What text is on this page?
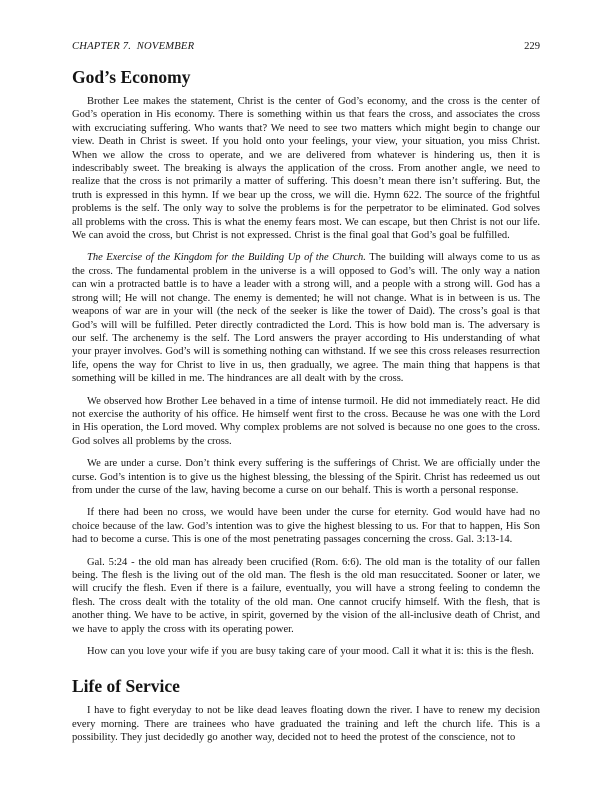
CHAPTER 7.  NOVEMBER	229
God’s Economy

Brother Lee makes the statement, Christ is the center of God’s economy, and the cross is the center of God’s operation in His economy. There is something within us that fears the cross, and associates the cross with excruciating suffering. Who wants that? We need to see two matters which might begin to change our view. Death in Christ is sweet. If you hold onto your feelings, your view, your situation, you miss Christ. When we allow the cross to operate, and we are delivered from whatever is hindering us, then it is indescribably sweet. The breaking is always the application of the cross. From another angle, we need to realize that the cross is not primarily a matter of suffering. This doesn’t mean there isn’t suffering. But, the truth is expressed in this hymn. If we bear up the cross, we will die. Hymn 622. The source of the frightful problems is the self. The only way to solve the problems is for the perpetrator to be eliminated. God solves all problems with the cross. This is what the enemy fears most. We can escape, but then Christ is not our life. We can avoid the cross, but Christ is not expressed. Christ is the final goal that God’s goal be fulfilled.

The Exercise of the Kingdom for the Building Up of the Church. The building will always come to us as the cross. The fundamental problem in the universe is a will opposed to God’s will. The only way a nation can win a protracted battle is to have a leader with a strong will, and a people with a strong will. God has a strong will; He will not change. The enemy is demented; he will not change. What is in between is us. The weapons of war are in your will (the neck of the seeker is like the tower of Daid). The cross’s goal is that God’s will will be fulfilled. Peter directly contradicted the Lord. This is how bold man is. The adversary is our self. The archenemy is the self. The Lord answers the prayer according to His understanding of what your prayer involves. God’s will is something nothing can withstand. If we see this cross releases resurrection life, opens the way for Christ to live in us, then gradually, we agree. The main thing that happens is that something will be killed in me. The hindrances are all dealt with by the cross.

We observed how Brother Lee behaved in a time of intense turmoil. He did not immediately react. He did not exercise the authority of his office. He himself went first to the cross. Because he was one with the Lord in His operation, the Lord moved. Why complex problems are not solved is because no one goes to the cross. God solves all problems by the cross.

We are under a curse. Don’t think every suffering is the sufferings of Christ. We are officially under the curse. God’s intention is to give us the highest blessing, the blessing of the Spirit. Christ has redeemed us out from under the curse of the law, having become a curse on our behalf. This is worth a personal response.

If there had been no cross, we would have been under the curse for eternity. God would have had no choice because of the law. God’s intention was to give the highest blessing to us. For that to happen, His Son had to become a curse. This is one of the most penetrating passages concerning the cross. Gal. 3:13-14.

Gal. 5:24 - the old man has already been crucified (Rom. 6:6). The old man is the totality of our fallen being. The flesh is the living out of the old man. The flesh is the old man resuccitated. Sooner or later, we will crucify the flesh. Even if there is a failure, eventually, you will have a strong feeling to condemn the flesh. The cross dealt with the totality of the old man. One cannot crucify himself. With the flesh, that is another thing. We have to be active, in spirit, governed by the vision of the all-inclusive death of Christ, and we have to apply the cross with its operating power.

How can you love your wife if you are busy taking care of your mood. Call it what it is: this is the flesh.

Life of Service

I have to fight everyday to not be like dead leaves floating down the river. I have to renew my decision every morning. There are trainees who have graduated the training and left the church life. This is a possibility. They just decidedly go another way, decided not to heed the protest of the conscience, not to
